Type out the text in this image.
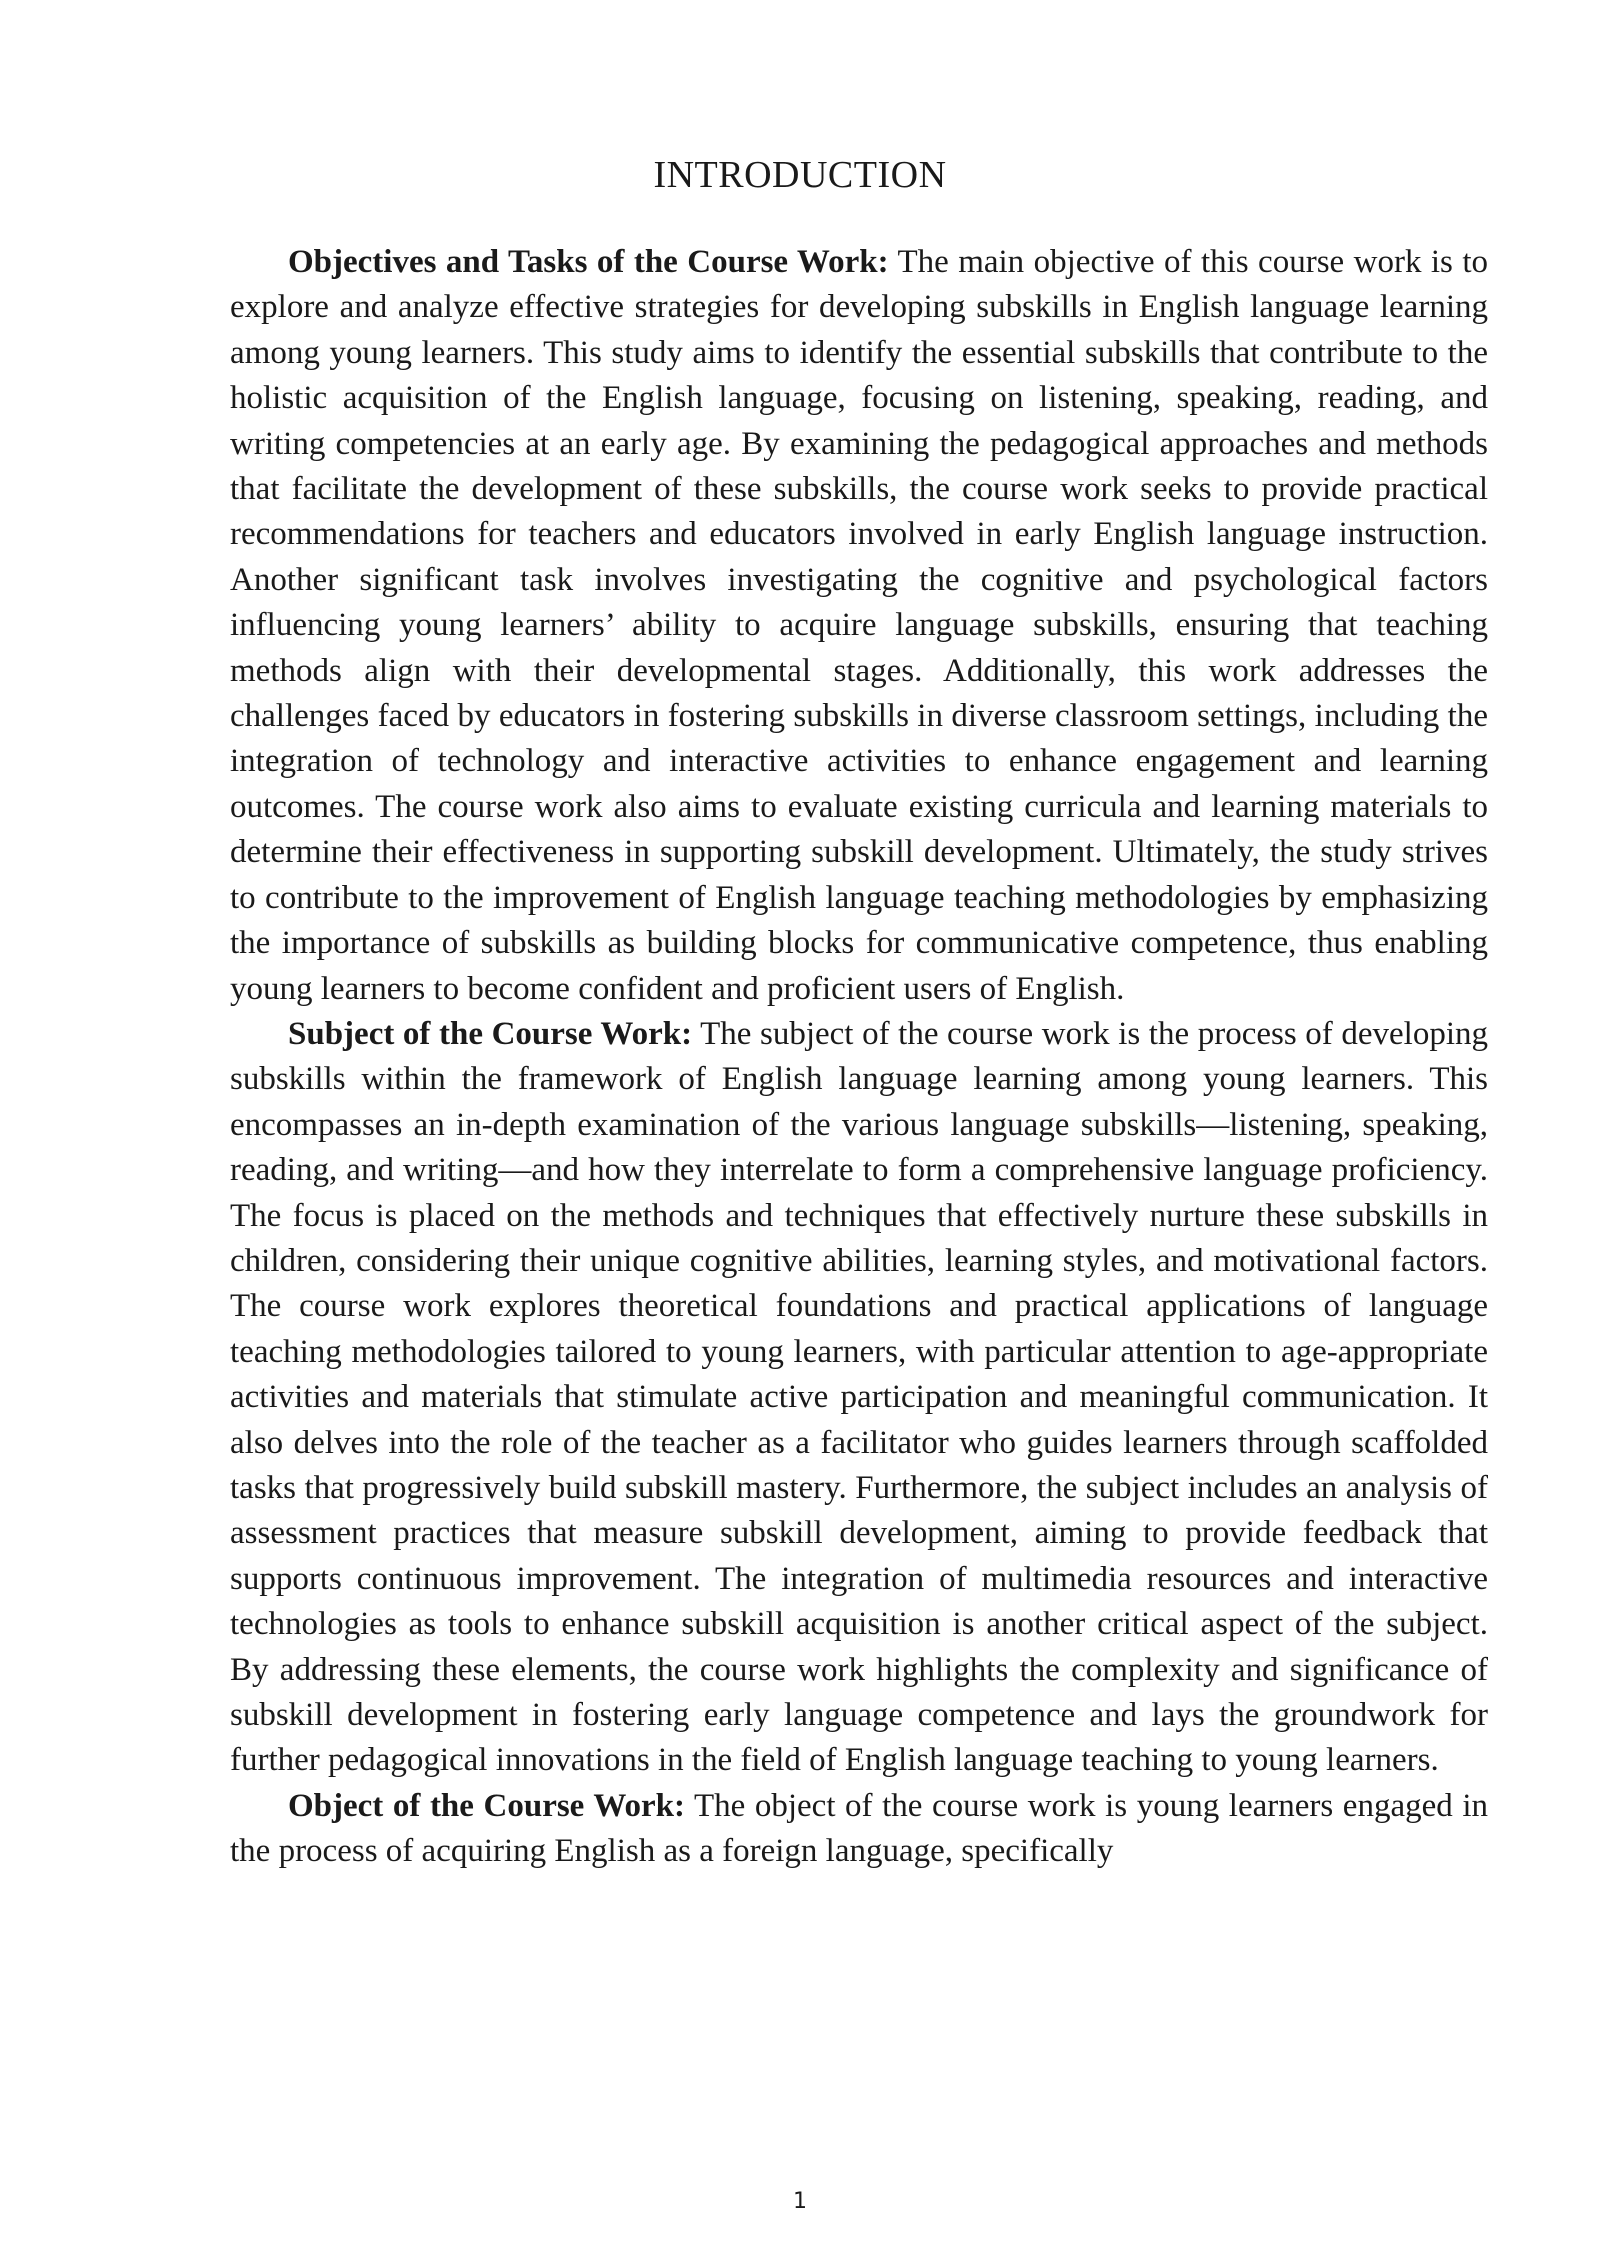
INTRODUCTION

Objectives and Tasks of the Course Work: The main objective of this course work is to explore and analyze effective strategies for developing subskills in English language learning among young learners. This study aims to identify the essential subskills that contribute to the holistic acquisition of the English language, focusing on listening, speaking, reading, and writing competencies at an early age. By examining the pedagogical approaches and methods that facilitate the development of these subskills, the course work seeks to provide practical recommendations for teachers and educators involved in early English language instruction. Another significant task involves investigating the cognitive and psychological factors influencing young learners’ ability to acquire language subskills, ensuring that teaching methods align with their developmental stages. Additionally, this work addresses the challenges faced by educators in fostering subskills in diverse classroom settings, including the integration of technology and interactive activities to enhance engagement and learning outcomes. The course work also aims to evaluate existing curricula and learning materials to determine their effectiveness in supporting subskill development. Ultimately, the study strives to contribute to the improvement of English language teaching methodologies by emphasizing the importance of subskills as building blocks for communicative competence, thus enabling young learners to become confident and proficient users of English.

Subject of the Course Work: The subject of the course work is the process of developing subskills within the framework of English language learning among young learners. This encompasses an in-depth examination of the various language subskills—listening, speaking, reading, and writing—and how they interrelate to form a comprehensive language proficiency. The focus is placed on the methods and techniques that effectively nurture these subskills in children, considering their unique cognitive abilities, learning styles, and motivational factors. The course work explores theoretical foundations and practical applications of language teaching methodologies tailored to young learners, with particular attention to age-appropriate activities and materials that stimulate active participation and meaningful communication. It also delves into the role of the teacher as a facilitator who guides learners through scaffolded tasks that progressively build subskill mastery. Furthermore, the subject includes an analysis of assessment practices that measure subskill development, aiming to provide feedback that supports continuous improvement. The integration of multimedia resources and interactive technologies as tools to enhance subskill acquisition is another critical aspect of the subject. By addressing these elements, the course work highlights the complexity and significance of subskill development in fostering early language competence and lays the groundwork for further pedagogical innovations in the field of English language teaching to young learners.

Object of the Course Work: The object of the course work is young learners engaged in the process of acquiring English as a foreign language, specifically

1
